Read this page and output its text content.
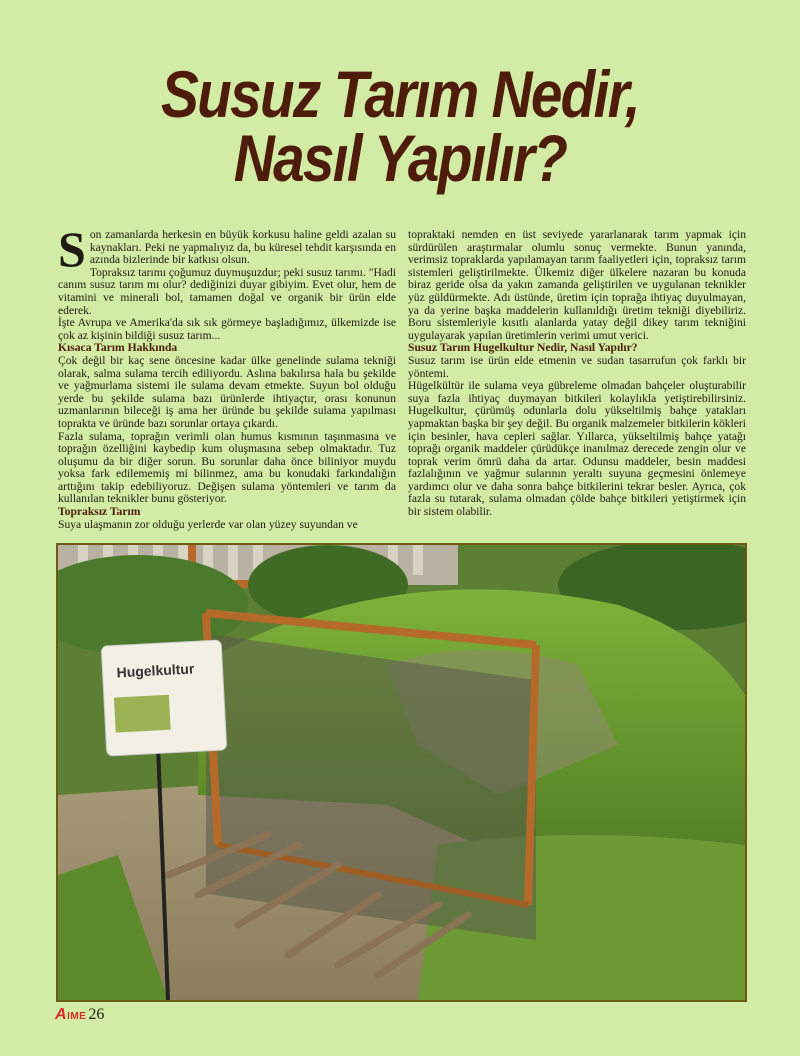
Susuz Tarım Nedir,
Nasıl Yapılır?

Son zamanlarda herkesin en büyük korkusu haline geldi azalan su kaynakları. Peki ne yapmalıyız da, bu küresel tehdit karşısında en azında bizlerinde bir katkısı olsun.

Topraksız tarımı çoğumuz duymuşuzdur; peki susuz tarımı. "Hadi canım susuz tarım mı olur? dediğinizi duyar gibiyim. Evet olur, hem de vitamini ve minerali bol, tamamen doğal ve organik bir ürün elde ederek.

İşte Avrupa ve Amerika'da sık sık görmeye başladığımız, ülkemizde ise çok az kişinin bildiği susuz tarım...

Kısaca Tarım Hakkında

Çok değil bir kaç sene öncesine kadar ülke genelinde sulama tekniği olarak, salma sulama tercih ediliyordu. Aslına bakılırsa hala bu şekilde ve yağmurlama sistemi ile sulama devam etmekte. Suyun bol olduğu yerde bu şekilde sulama bazı ürünlerde ihtiyaçtır, orası konunun uzmanlarının bileceği iş ama her üründe bu şekilde sulama yapılması toprakta ve üründe bazı sorunlar ortaya çıkardı.

Fazla sulama, toprağın verimli olan humus kısmının taşınmasına ve toprağın özelliğini kaybedip kum oluşmasına sebep olmaktadır. Tuz oluşumu da bir diğer sorun. Bu sorunlar daha önce biliniyor muydu yoksa fark edilememiş mi bilinmez, ama bu konudaki farkındalığın arttığını takip edebiliyoruz. Değişen sulama yöntemleri ve tarım da kullanılan teknikler bunu gösteriyor.

Topraksız Tarım

Suya ulaşmanın zor olduğu yerlerde var olan yüzey suyundan ve

topraktaki nemden en üst seviyede yararlanarak tarım yapmak için sürdürülen araştırmalar olumlu sonuç vermekte. Bunun yanında, verimsiz topraklarda yapılamayan tarım faaliyetleri için, topraksız tarım sistemleri geliştirilmekte. Ülkemiz diğer ülkelere nazaran bu konuda biraz geride olsa da yakın zamanda geliştirilen ve uygulanan teknikler yüz güldürmekte. Adı üstünde, üretim için toprağa ihtiyaç duyulmayan, ya da yerine başka maddelerin kullanıldığı üretim tekniği diyebiliriz. Boru sistemleriyle kısıtlı alanlarda yatay değil dikey tarım tekniğini uygulayarak yapılan üretimlerin verimi umut verici.

Susuz Tarım Hugelkultur Nedir, Nasıl Yapılır?

Susuz tarım ise ürün elde etmenin ve sudan tasarrufun çok farklı bir yöntemi.

Hügelkültür ile sulama veya gübreleme olmadan bahçeler oluşturabilir suya fazla ihtiyaç duymayan bitkileri kolaylıkla yetiştirebilirsiniz. Hugelkultur, çürümüş odunlarla dolu yükseltilmiş bahçe yatakları yapmaktan başka bir şey değil. Bu organik malzemeler bitkilerin kökleri için besinler, hava cepleri sağlar. Yıllarca, yükseltilmiş bahçe yatağı toprağı organik maddeler çürüdükçe inanılmaz derecede zengin olur ve toprak verim ömrü daha da artar. Odunsu maddeler, besin maddesi fazlalığının ve yağmur sularının yeraltı suyuna geçmesini önlemeye yardımcı olur ve daha sonra bahçe bitkilerini tekrar besler. Ayrıca, çok fazla su tutarak, sulama olmadan çölde bahçe bitkileri yetiştirmek için bir sistem olabilir.

Hugelkultur
AIME 26
